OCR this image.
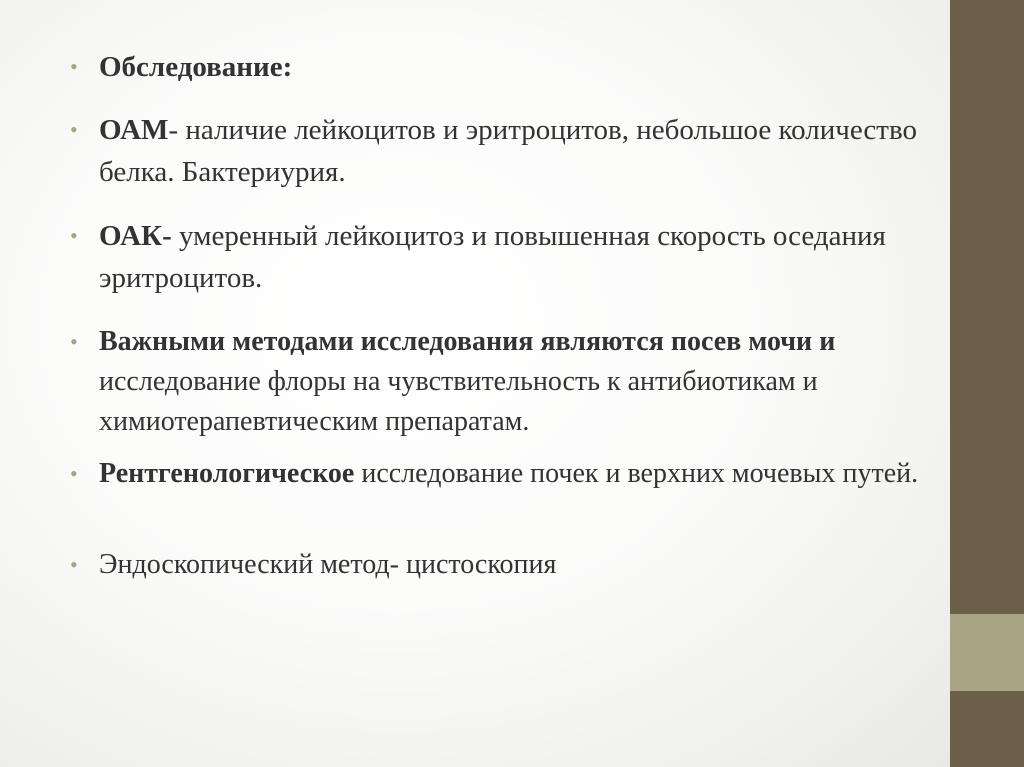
• Обследование:
• ОАМ- наличие лейкоцитов и эритроцитов, небольшое количество белка. Бактериурия.
• ОАК- умеренный лейкоцитоз и повышенная скорость оседания эритроцитов.
• Важными методами исследования являются посев мочи и исследование флоры на чувствительность к антибиотикам и химиотерапевтическим препаратам.
• Рентгенологическое исследование почек и верхних мочевых путей.
• Эндоскопический метод- цистоскопия
